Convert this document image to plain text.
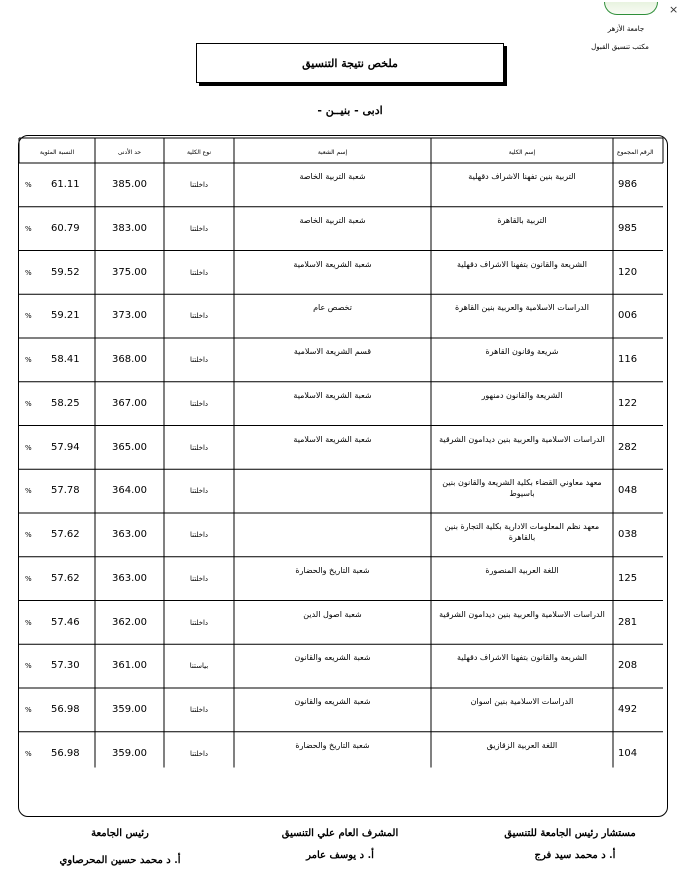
×
جامعة الأزهر
مكتب تنسيق القبول
ملخص نتيجة التنسيق
- ادبى - بنيــن
الرقم المجموع
إسم الكلية
إسم الشعبة
نوع الكلية
حد الأدنى
النسبة المئوية
986
التربية بنين تفهنا الاشراف دقهلية
شعبة التربية الخاصة
داخلتنا
385.00
% 61.11
985
التربية بالقاهرة
شعبة التربية الخاصة
داخلتنا
383.00
% 60.79
120
الشريعة والقانون بتفهنا الاشراف دقهلية
شعبة الشريعة الاسلامية
داخلتنا
375.00
% 59.52
006
الدراسات الاسلامية والعربية بنين القاهرة
تخصص عام
داخلتنا
373.00
% 59.21
116
شريعة وقانون القاهرة
قسم الشريعة الاسلامية
داخلتنا
368.00
% 58.41
122
الشريعة والقانون دمنهور
شعبة الشريعة الاسلامية
داخلتنا
367.00
% 58.25
282
الدراسات الاسلامية والعربية بنين ديدامون الشرقية
شعبة الشريعة الاسلامية
داخلتنا
365.00
% 57.94
048
معهد معاوني القضاء بكلية الشريعة والقانون بنين باسيوط
داخلتنا
364.00
% 57.78
038
معهد نظم المعلومات الادارية بكلية التجارة بنين بالقاهرة
داخلتنا
363.00
% 57.62
125
اللغة العربية المنصورة
شعبة التاريخ والحضارة
داخلتنا
363.00
% 57.62
281
الدراسات الاسلامية والعربية بنين ديدامون الشرقية
شعبة اصول الدين
داخلتنا
362.00
% 57.46
208
الشريعة والقانون بتفهنا الاشراف دقهلية
شعبة الشريعه والقانون
بياستنا
361.00
% 57.30
492
الدراسات الاسلامية بنين اسوان
شعبة الشريعه والقانون
داخلتنا
359.00
% 56.98
104
اللغة العربية الزقازيق
شعبة التاريخ والحضارة
داخلتنا
359.00
% 56.98
رئيس الجامعة
أ. د محمد حسين المحرصاوي
المشرف العام علي التنسيق
أ. د يوسف عامر
مستشار رئيس الجامعة للتنسيق
أ. د محمد سيد فرج
